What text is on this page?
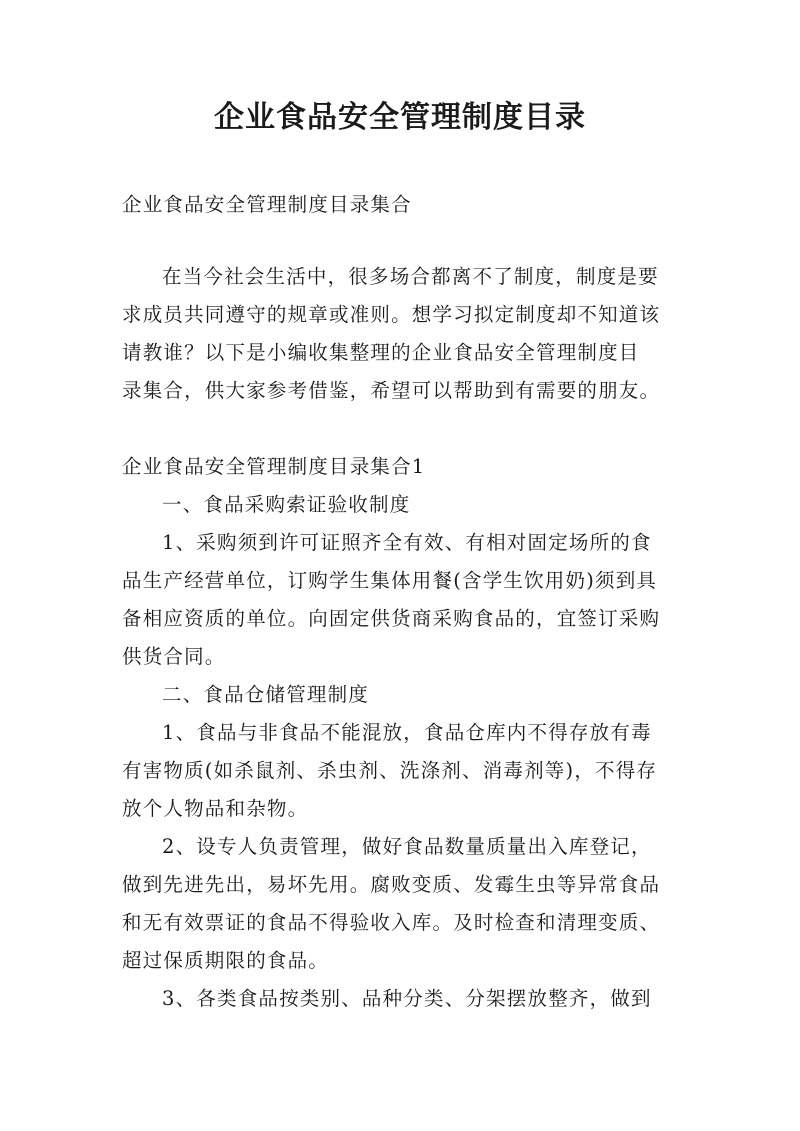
企业食品安全管理制度目录

企业食品安全管理制度目录集合

在当今社会生活中，很多场合都离不了制度，制度是要

求成员共同遵守的规章或准则。想学习拟定制度却不知道该

请教谁？以下是小编收集整理的企业食品安全管理制度目

录集合，供大家参考借鉴，希望可以帮助到有需要的朋友。

企业食品安全管理制度目录集合1

一、食品采购索证验收制度

1、采购须到许可证照齐全有效、有相对固定场所的食

品生产经营单位，订购学生集体用餐(含学生饮用奶)须到具

备相应资质的单位。向固定供货商采购食品的，宜签订采购

供货合同。

二、食品仓储管理制度

1、食品与非食品不能混放，食品仓库内不得存放有毒

有害物质(如杀鼠剂、杀虫剂、洗涤剂、消毒剂等)，不得存

放个人物品和杂物。

2、设专人负责管理，做好食品数量质量出入库登记，

做到先进先出，易坏先用。腐败变质、发霉生虫等异常食品

和无有效票证的食品不得验收入库。及时检查和清理变质、

超过保质期限的食品。

3、各类食品按类别、品种分类、分架摆放整齐，做到
